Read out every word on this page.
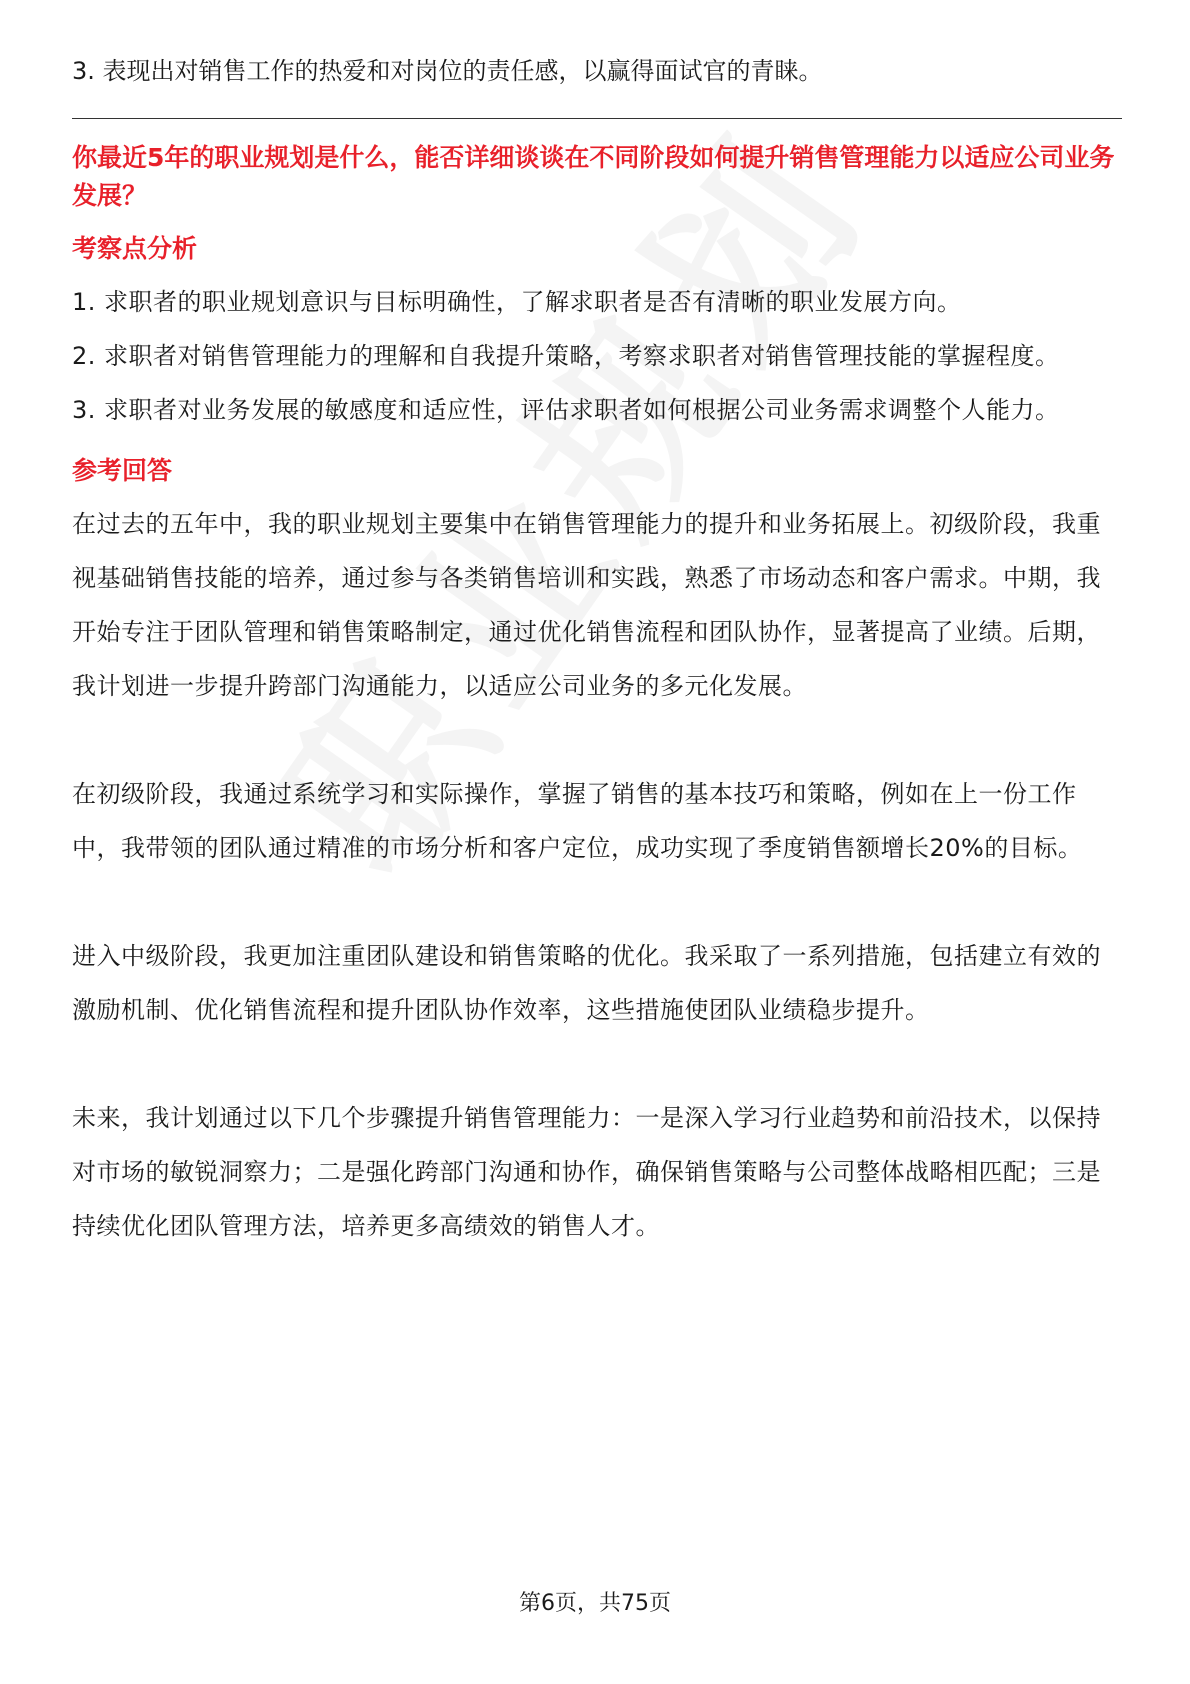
3. 表现出对销售工作的热爱和对岗位的责任感，以赢得面试官的青睐。

你最近5年的职业规划是什么，能否详细谈谈在不同阶段如何提升销售管理能力以适应公司业务发展？

考察点分析

1. 求职者的职业规划意识与目标明确性，了解求职者是否有清晰的职业发展方向。

2. 求职者对销售管理能力的理解和自我提升策略，考察求职者对销售管理技能的掌握程度。

3. 求职者对业务发展的敏感度和适应性，评估求职者如何根据公司业务需求调整个人能力。

参考回答

在过去的五年中，我的职业规划主要集中在销售管理能力的提升和业务拓展上。初级阶段，我重视基础销售技能的培养，通过参与各类销售培训和实践，熟悉了市场动态和客户需求。中期，我开始专注于团队管理和销售策略制定，通过优化销售流程和团队协作，显著提高了业绩。后期，我计划进一步提升跨部门沟通能力，以适应公司业务的多元化发展。

在初级阶段，我通过系统学习和实际操作，掌握了销售的基本技巧和策略，例如在上一份工作中，我带领的团队通过精准的市场分析和客户定位，成功实现了季度销售额增长20%的目标。

进入中级阶段，我更加注重团队建设和销售策略的优化。我采取了一系列措施，包括建立有效的激励机制、优化销售流程和提升团队协作效率，这些措施使团队业绩稳步提升。

未来，我计划通过以下几个步骤提升销售管理能力：一是深入学习行业趋势和前沿技术，以保持对市场的敏锐洞察力；二是强化跨部门沟通和协作，确保销售策略与公司整体战略相匹配；三是持续优化团队管理方法，培养更多高绩效的销售人才。

第6页，共75页
